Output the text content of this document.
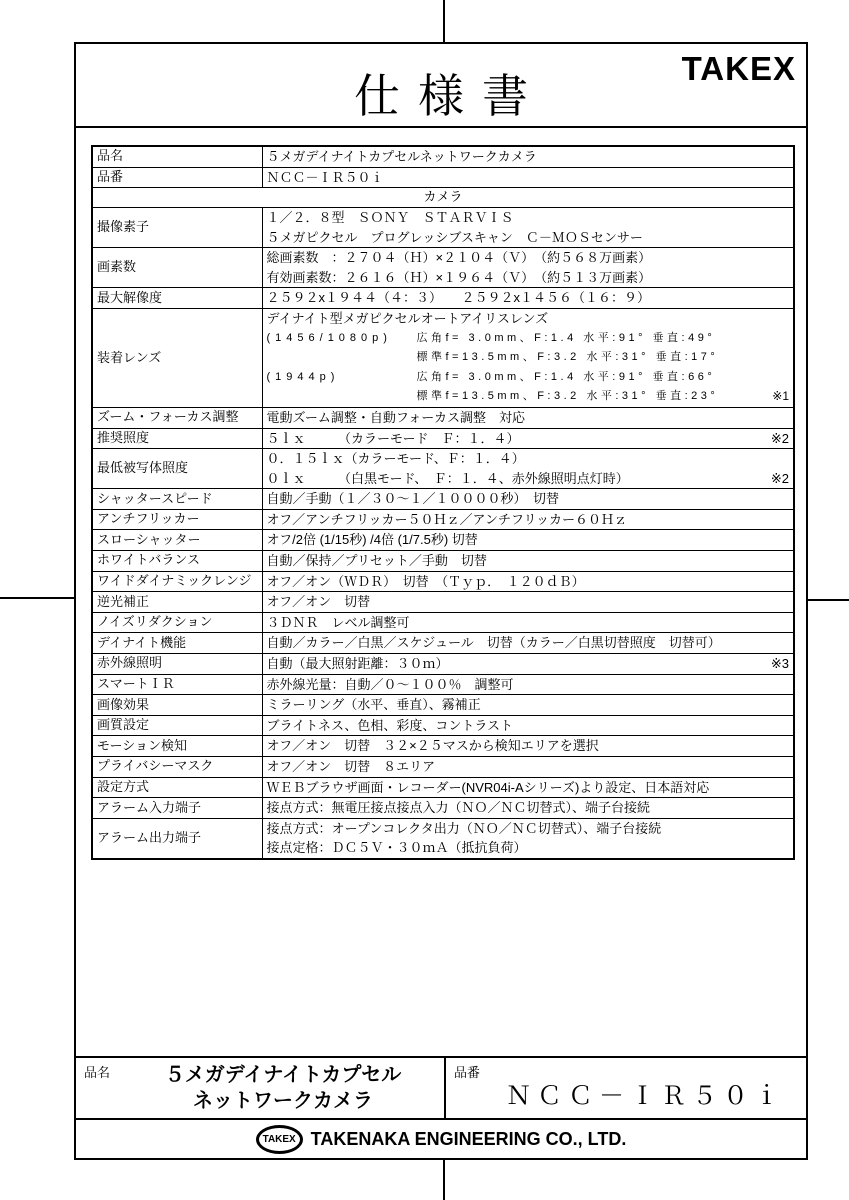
仕様書
TAKEX
品名	５メガデイナイトカプセルネットワークカメラ

品番	ＮＣＣ－ＩＲ５０ｉ

カメラ	
撮像素子	１／２．８型　ＳＯＮＹ　ＳＴＡＲＶＩＳ
５メガピクセル　プログレッシブスキャン　Ｃ－ＭＯＳセンサー

画素数	総画素数　：２７０４（Ｈ）×２１０４（Ｖ）　（約５６８万画素）
有効画素数：２６１６（Ｈ）×１９６４（Ｖ）　（約５１３万画素）

最大解像度	２５９２x１９４４（４：３）　　２５９２x１４５６（１６：９）

装着レンズ	
デイナイト型メガピクセルオートアイリスレンズ
(1456/1080p) 広角f= 3.0mm、F:1.4 水平:91° 垂直:49°
標準f=13.5mm、F:3.2 水平:31° 垂直:17°
(1944p)	広角f= 3.0mm、F:1.4 水平:91° 垂直:66°
標準f=13.5mm、F:3.2 水平:31° 垂直:23°	※1

ズーム・フォーカス調整	電動ズーム調整・自動フォーカス調整　対応

推奨照度	５ｌｘ　　　（カラーモード　Ｆ：１．４） ※2

最低被写体照度	０．１５ｌｘ（カラーモード、Ｆ：１．４）
０ｌｘ　　　（白黒モード、　Ｆ：１．４、赤外線照明点灯時） ※2

シャッタースピード	自動／手動（１／３０～１／１００００秒）　切替

アンチフリッカー	オフ／アンチフリッカー５０Ｈｚ／アンチフリッカー６０Ｈｚ

スローシャッター	オフ/2倍 (1/15秒) /4倍 (1/7.5秒) 切替

ホワイトバランス	自動／保持／プリセット／手動　切替

ワイドダイナミックレンジ	オフ／オン（ＷＤＲ）　切替　（Ｔｙｐ．　１２０ｄＢ）

逆光補正	オフ／オン　切替

ノイズリダクション	３ＤＮＲ　レベル調整可

デイナイト機能	自動／カラー／白黒／スケジュール　切替（カラー／白黒切替照度　切替可）

赤外線照明	自動（最大照射距離：３０ｍ） ※3

スマートＩＲ	赤外線光量：自動／０～１００％　調整可

画像効果	ミラーリング（水平、垂直）、霧補正

画質設定	ブライトネス、色相、彩度、コントラスト

モーション検知	オフ／オン　切替　３２×２５マスから検知エリアを選択

プライバシーマスク	オフ／オン　切替　８エリア

設定方式	ＷＥＢブラウザ画面・レコーダー(NVR04i-Aシリーズ)より設定、日本語対応

アラーム入力端子	接点方式：無電圧接点接点入力（ＮＯ／ＮＣ切替式）、端子台接続

アラーム出力端子	接点方式：オープンコレクタ出力（ＮＯ／ＮＣ切替式）、端子台接続
接点定格：ＤＣ５Ｖ・３０ｍＡ（抵抗負荷）
品名	５メガデイナイトカプセル
ネットワークカメラ
品番
ＮＣＣ－ＩＲ５０ｉ
TAKEX TAKENAKA ENGINEERING CO., LTD.
